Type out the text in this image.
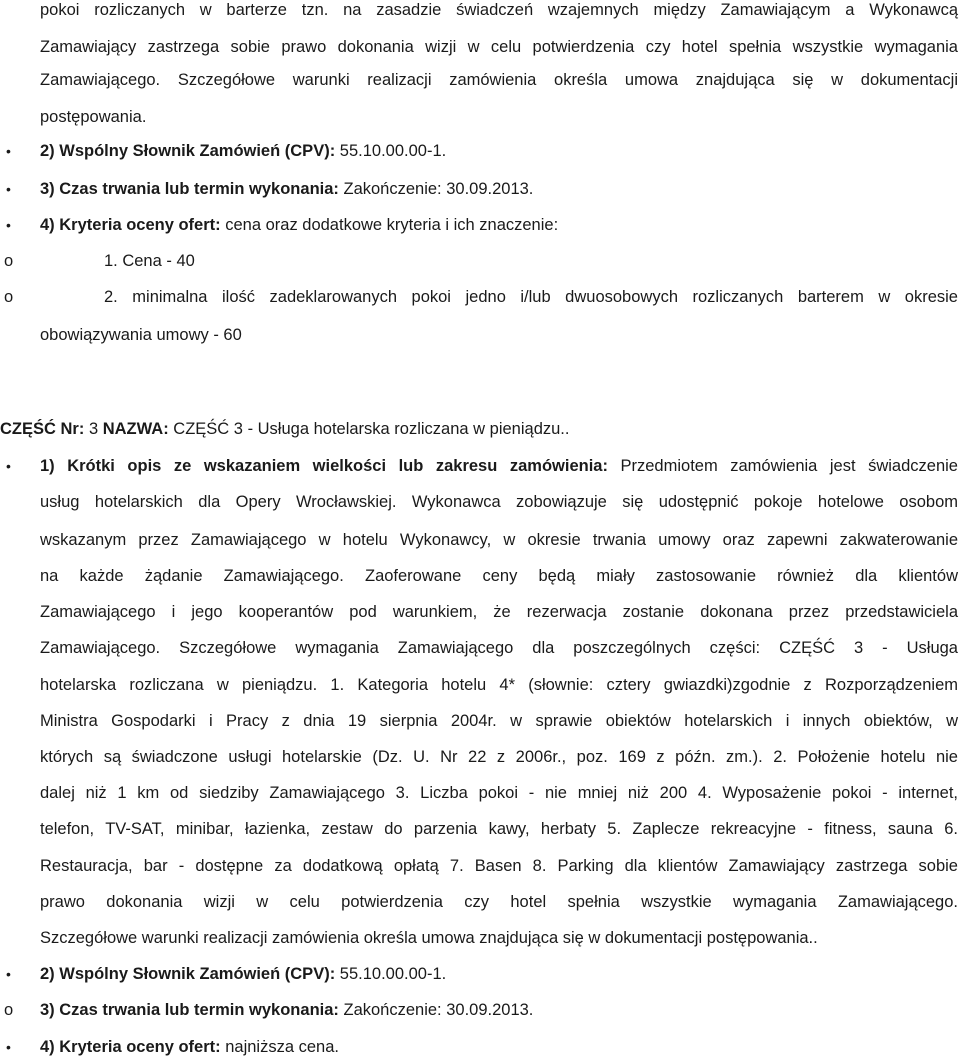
pokoi rozliczanych w barterze tzn. na zasadzie świadczeń wzajemnych między Zamawiającym a Wykonawcą
Zamawiający zastrzega sobie prawo dokonania wizji w celu potwierdzenia czy hotel spełnia wszystkie wymagania
Zamawiającego. Szczegółowe warunki realizacji zamówienia określa umowa znajdująca się w dokumentacji
postępowania.
• 2) Wspólny Słownik Zamówień (CPV): 55.10.00.00-1.
• 3) Czas trwania lub termin wykonania: Zakończenie: 30.09.2013.
• 4) Kryteria oceny ofert: cena oraz dodatkowe kryteria i ich znaczenie:
o	1. Cena - 40
o	2. minimalna ilość zadeklarowanych pokoi jedno i/lub dwuosobowych rozliczanych barterem w okresie
obowiązywania umowy - 60
CZĘŚĆ Nr: 3 NAZWA: CZĘŚĆ 3 - Usługa hotelarska rozliczana w pieniądzu..
• 1) Krótki opis ze wskazaniem wielkości lub zakresu zamówienia: Przedmiotem zamówienia jest świadczenie
usług hotelarskich dla Opery Wrocławskiej. Wykonawca zobowiązuje się udostępnić pokoje hotelowe osobom
wskazanym przez Zamawiającego w hotelu Wykonawcy, w okresie trwania umowy oraz zapewni zakwaterowanie
na każde żądanie Zamawiającego. Zaoferowane ceny będą miały zastosowanie również dla klientów
Zamawiającego i jego kooperantów pod warunkiem, że rezerwacja zostanie dokonana przez przedstawiciela
Zamawiającego. Szczegółowe wymagania Zamawiającego dla poszczególnych części: CZĘŚĆ 3 - Usługa
hotelarska rozliczana w pieniądzu. 1. Kategoria hotelu 4* (słownie: cztery gwiazdki)zgodnie z Rozporządzeniem
Ministra Gospodarki i Pracy z dnia 19 sierpnia 2004r. w sprawie obiektów hotelarskich i innych obiektów, w
których są świadczone usługi hotelarskie (Dz. U. Nr 22 z 2006r., poz. 169 z późn. zm.). 2. Położenie hotelu nie
dalej niż 1 km od siedziby Zamawiającego 3. Liczba pokoi - nie mniej niż 200 4. Wyposażenie pokoi - internet,
telefon, TV-SAT, minibar, łazienka, zestaw do parzenia kawy, herbaty 5. Zaplecze rekreacyjne - fitness, sauna 6.
Restauracja, bar - dostępne za dodatkową opłatą 7. Basen 8. Parking dla klientów Zamawiający zastrzega sobie
prawo dokonania wizji w celu potwierdzenia czy hotel spełnia wszystkie wymagania Zamawiającego.
Szczegółowe warunki realizacji zamówienia określa umowa znajdująca się w dokumentacji postępowania..
• 2) Wspólny Słownik Zamówień (CPV): 55.10.00.00-1.
o 3) Czas trwania lub termin wykonania: Zakończenie: 30.09.2013.
• 4) Kryteria oceny ofert: najniższa cena.
